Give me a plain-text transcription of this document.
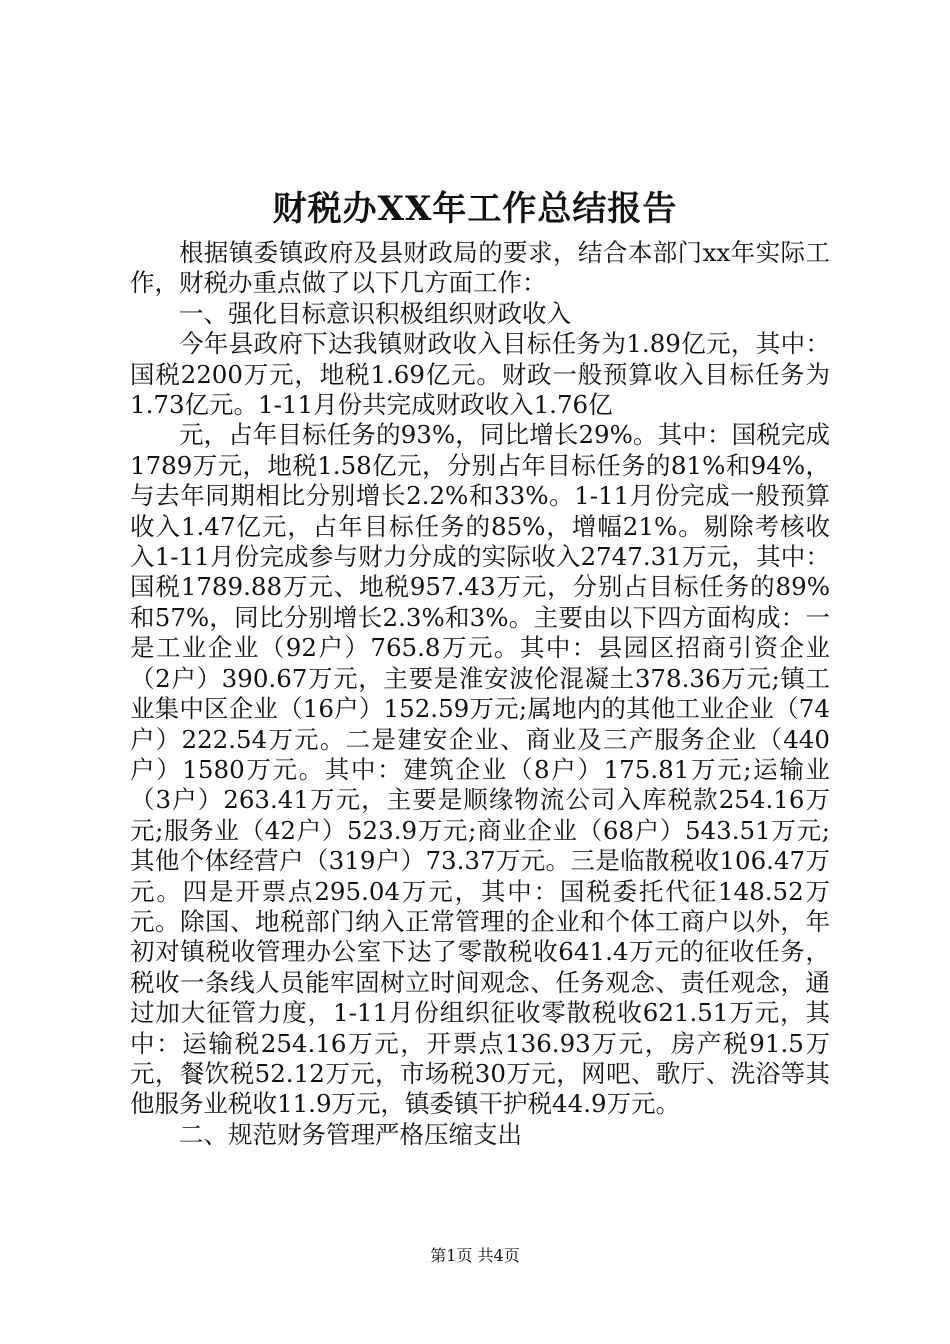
财税办XX年工作总结报告

根据镇委镇政府及县财政局的要求，结合本部门xx年实际工作，财税办重点做了以下几方面工作：

一、强化目标意识积极组织财政收入

今年县政府下达我镇财政收入目标任务为1.89亿元，其中：国税2200万元，地税1.69亿元。财政一般预算收入目标任务为1.73亿元。1-11月份共完成财政收入1.76亿

元，占年目标任务的93%，同比增长29%。其中：国税完成1789万元，地税1.58亿元，分别占年目标任务的81%和94%，与去年同期相比分别增长2.2%和33%。1-11月份完成一般预算收入1.47亿元，占年目标任务的85%，增幅21%。剔除考核收入1-11月份完成参与财力分成的实际收入2747.31万元，其中：国税1789.88万元、地税957.43万元，分别占目标任务的89%和57%，同比分别增长2.3%和3%。主要由以下四方面构成：一是工业企业（92户）765.8万元。其中：县园区招商引资企业（2户）390.67万元，主要是淮安波伦混凝土378.36万元;镇工业集中区企业（16户）152.59万元;属地内的其他工业企业（74户）222.54万元。二是建安企业、商业及三产服务企业（440户）1580万元。其中：建筑企业（8户）175.81万元;运输业（3户）263.41万元，主要是顺缘物流公司入库税款254.16万元;服务业（42户）523.9万元;商业企业（68户）543.51万元;其他个体经营户（319户）73.37万元。三是临散税收106.47万元。四是开票点295.04万元，其中：国税委托代征148.52万元。除国、地税部门纳入正常管理的企业和个体工商户以外，年初对镇税收管理办公室下达了零散税收641.4万元的征收任务，税收一条线人员能牢固树立时间观念、任务观念、责任观念，通过加大征管力度，1-11月份组织征收零散税收621.51万元，其中：运输税254.16万元，开票点136.93万元，房产税91.5万元，餐饮税52.12万元，市场税30万元，网吧、歌厅、洗浴等其他服务业税收11.9万元，镇委镇干护税44.9万元。

二、规范财务管理严格压缩支出

第1页 共4页
